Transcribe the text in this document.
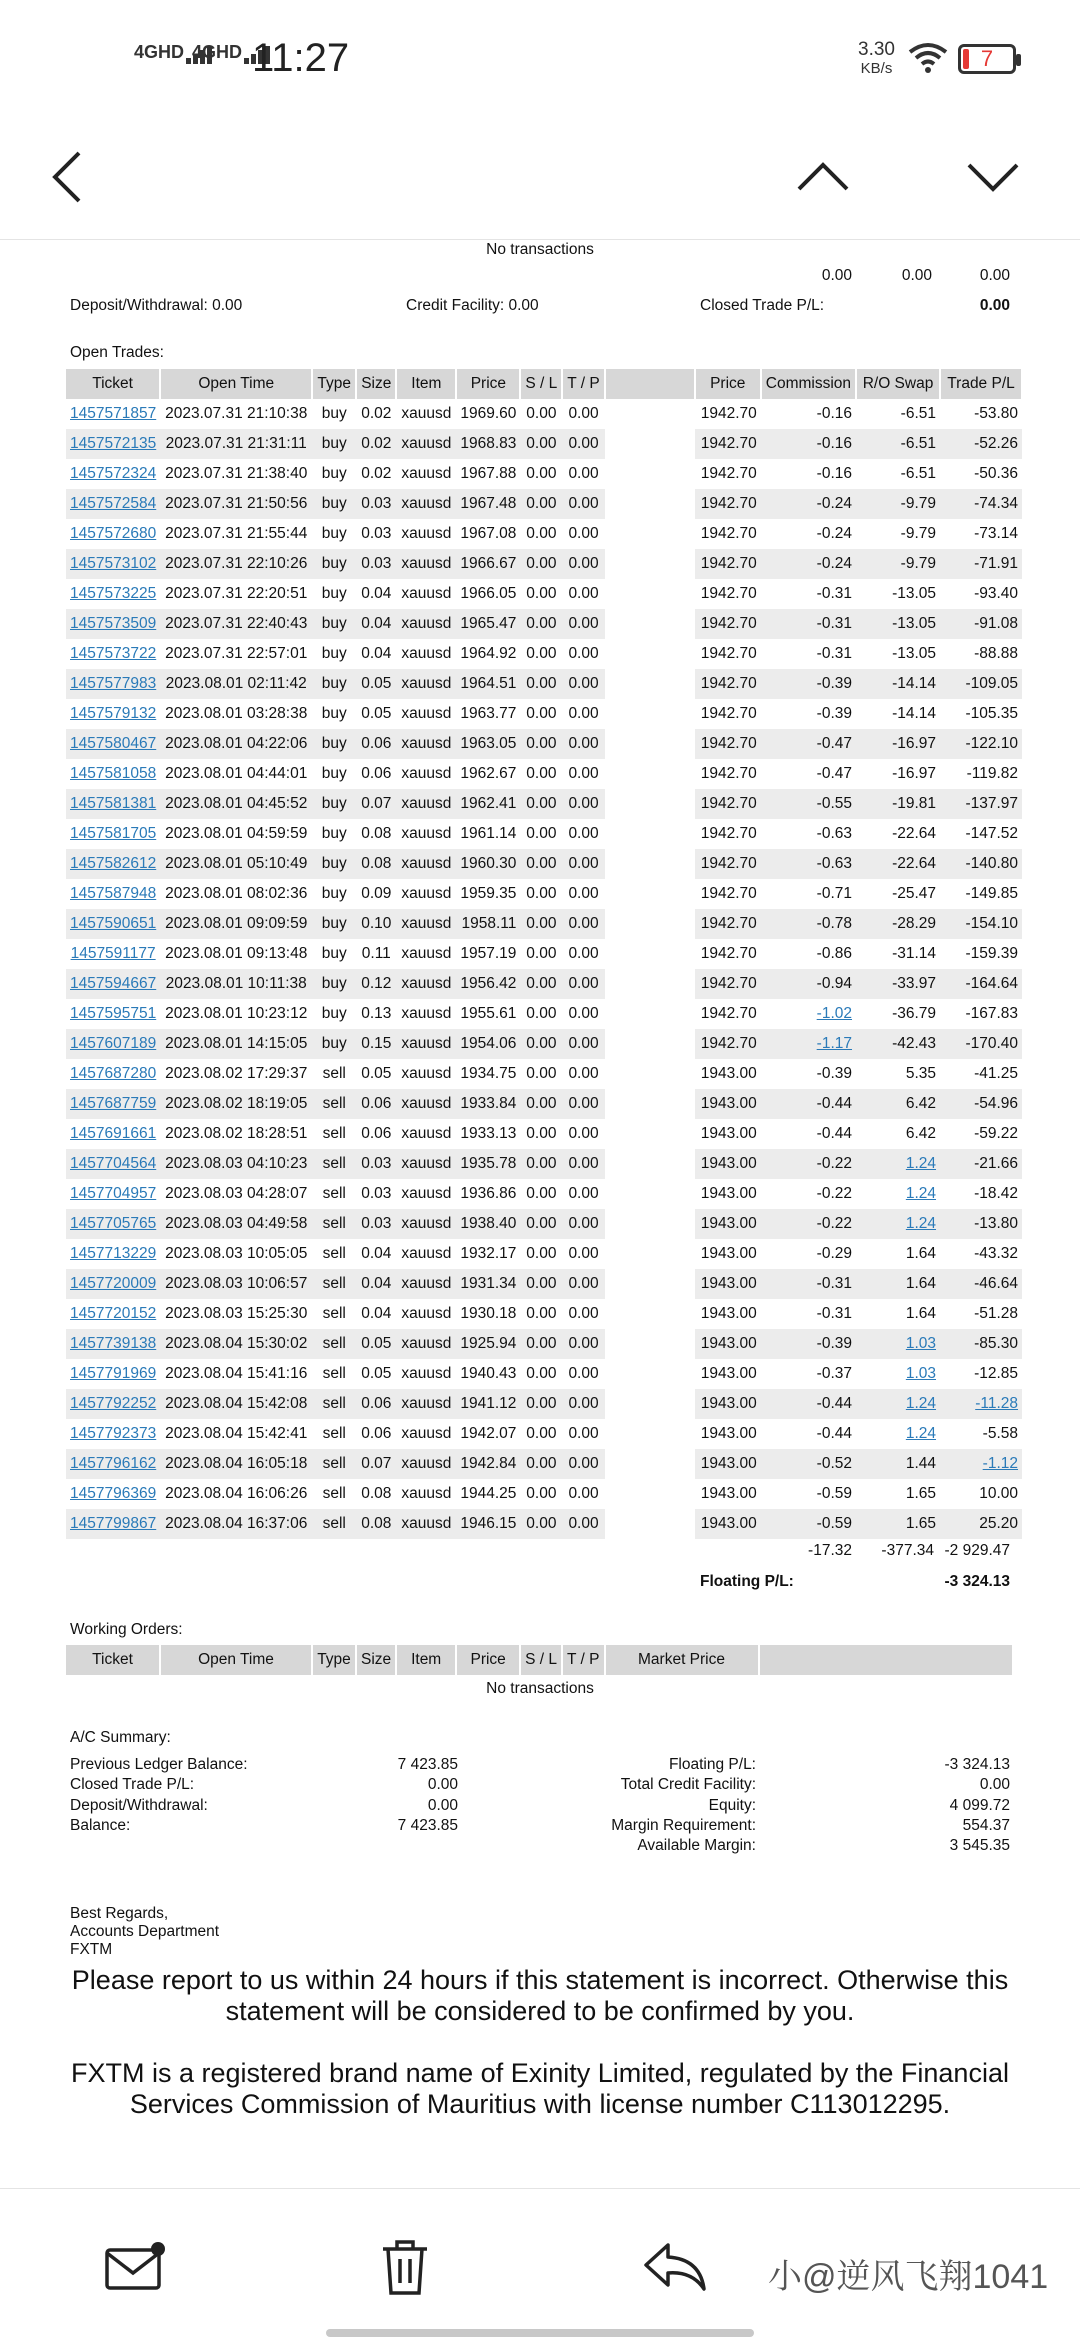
4GHD 4GHD 11:27	3.30
KB/s	7
No transactions
0.00	0.00	0.00
Deposit/Withdrawal: 0.00	Credit Facility: 0.00	Closed Trade P/L:	0.00
Open Trades:
Ticket	Open Time	Type	Size	Item	Price	S / L	T / P		Price	Commission	R/O Swap	Trade P/L
1457571857	2023.07.31 21:10:38	buy	0.02	xauusd	1969.60	0.00	0.00		1942.70	-0.16	-6.51	-53.80
1457572135	2023.07.31 21:31:11	buy	0.02	xauusd	1968.83	0.00	0.00		1942.70	-0.16	-6.51	-52.26
1457572324	2023.07.31 21:38:40	buy	0.02	xauusd	1967.88	0.00	0.00		1942.70	-0.16	-6.51	-50.36
1457572584	2023.07.31 21:50:56	buy	0.03	xauusd	1967.48	0.00	0.00		1942.70	-0.24	-9.79	-74.34
1457572680	2023.07.31 21:55:44	buy	0.03	xauusd	1967.08	0.00	0.00		1942.70	-0.24	-9.79	-73.14
1457573102	2023.07.31 22:10:26	buy	0.03	xauusd	1966.67	0.00	0.00		1942.70	-0.24	-9.79	-71.91
1457573225	2023.07.31 22:20:51	buy	0.04	xauusd	1966.05	0.00	0.00		1942.70	-0.31	-13.05	-93.40
1457573509	2023.07.31 22:40:43	buy	0.04	xauusd	1965.47	0.00	0.00		1942.70	-0.31	-13.05	-91.08
1457573722	2023.07.31 22:57:01	buy	0.04	xauusd	1964.92	0.00	0.00		1942.70	-0.31	-13.05	-88.88
1457577983	2023.08.01 02:11:42	buy	0.05	xauusd	1964.51	0.00	0.00		1942.70	-0.39	-14.14	-109.05
1457579132	2023.08.01 03:28:38	buy	0.05	xauusd	1963.77	0.00	0.00		1942.70	-0.39	-14.14	-105.35
1457580467	2023.08.01 04:22:06	buy	0.06	xauusd	1963.05	0.00	0.00		1942.70	-0.47	-16.97	-122.10
1457581058	2023.08.01 04:44:01	buy	0.06	xauusd	1962.67	0.00	0.00		1942.70	-0.47	-16.97	-119.82
1457581381	2023.08.01 04:45:52	buy	0.07	xauusd	1962.41	0.00	0.00		1942.70	-0.55	-19.81	-137.97
1457581705	2023.08.01 04:59:59	buy	0.08	xauusd	1961.14	0.00	0.00		1942.70	-0.63	-22.64	-147.52
1457582612	2023.08.01 05:10:49	buy	0.08	xauusd	1960.30	0.00	0.00		1942.70	-0.63	-22.64	-140.80
1457587948	2023.08.01 08:02:36	buy	0.09	xauusd	1959.35	0.00	0.00		1942.70	-0.71	-25.47	-149.85
1457590651	2023.08.01 09:09:59	buy	0.10	xauusd	1958.11	0.00	0.00		1942.70	-0.78	-28.29	-154.10
1457591177	2023.08.01 09:13:48	buy	0.11	xauusd	1957.19	0.00	0.00		1942.70	-0.86	-31.14	-159.39
1457594667	2023.08.01 10:11:38	buy	0.12	xauusd	1956.42	0.00	0.00		1942.70	-0.94	-33.97	-164.64
1457595751	2023.08.01 10:23:12	buy	0.13	xauusd	1955.61	0.00	0.00		1942.70	-1.02	-36.79	-167.83
1457607189	2023.08.01 14:15:05	buy	0.15	xauusd	1954.06	0.00	0.00		1942.70	-1.17	-42.43	-170.40
1457687280	2023.08.02 17:29:37	sell	0.05	xauusd	1934.75	0.00	0.00		1943.00	-0.39	5.35	-41.25
1457687759	2023.08.02 18:19:05	sell	0.06	xauusd	1933.84	0.00	0.00		1943.00	-0.44	6.42	-54.96
1457691661	2023.08.02 18:28:51	sell	0.06	xauusd	1933.13	0.00	0.00		1943.00	-0.44	6.42	-59.22
1457704564	2023.08.03 04:10:23	sell	0.03	xauusd	1935.78	0.00	0.00		1943.00	-0.22	1.24	-21.66
1457704957	2023.08.03 04:28:07	sell	0.03	xauusd	1936.86	0.00	0.00		1943.00	-0.22	1.24	-18.42
1457705765	2023.08.03 04:49:58	sell	0.03	xauusd	1938.40	0.00	0.00		1943.00	-0.22	1.24	-13.80
1457713229	2023.08.03 10:05:05	sell	0.04	xauusd	1932.17	0.00	0.00		1943.00	-0.29	1.64	-43.32
1457720009	2023.08.03 10:06:57	sell	0.04	xauusd	1931.34	0.00	0.00		1943.00	-0.31	1.64	-46.64
1457720152	2023.08.03 15:25:30	sell	0.04	xauusd	1930.18	0.00	0.00		1943.00	-0.31	1.64	-51.28
1457739138	2023.08.04 15:30:02	sell	0.05	xauusd	1925.94	0.00	0.00		1943.00	-0.39	1.03	-85.30
1457791969	2023.08.04 15:41:16	sell	0.05	xauusd	1940.43	0.00	0.00		1943.00	-0.37	1.03	-12.85
1457792252	2023.08.04 15:42:08	sell	0.06	xauusd	1941.12	0.00	0.00		1943.00	-0.44	1.24	-11.28
1457792373	2023.08.04 15:42:41	sell	0.06	xauusd	1942.07	0.00	0.00		1943.00	-0.44	1.24	-5.58
1457796162	2023.08.04 16:05:18	sell	0.07	xauusd	1942.84	0.00	0.00		1943.00	-0.52	1.44	-1.12
1457796369	2023.08.04 16:06:26	sell	0.08	xauusd	1944.25	0.00	0.00		1943.00	-0.59	1.65	10.00
1457799867	2023.08.04 16:37:06	sell	0.08	xauusd	1946.15	0.00	0.00		1943.00	-0.59	1.65	25.20
-17.32	-377.34 -2 929.47
Floating P/L:	-3 324.13
Working Orders:
Ticket	Open Time	Type	Size	Item	Price	S / L	T / P	Market Price	
No transactions
A/C Summary:
Best Regards,
Accounts Department
FXTM
Please report to us within 24 hours if this statement is incorrect. Otherwise this statement will be considered to be confirmed by you.
FXTM is a registered brand name of Exinity Limited, regulated by the Financial Services Commission of Mauritius with license number C113012295.
Previous Ledger Balance:	7 423.85
Closed Trade P/L:	0.00
Deposit/Withdrawal:	0.00
Balance:	7 423.85
Floating P/L:	-3 324.13
Total Credit Facility:	0.00
Equity:	4 099.72
Margin Requirement:	554.37
Available Margin:	3 545.35
小@逆风飞翔1041
